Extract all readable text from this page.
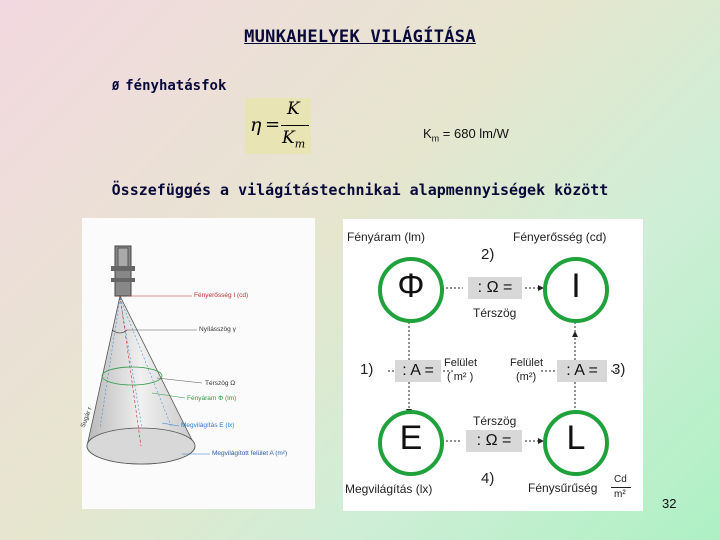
MUNKAHELYEK VILÁGÍTÁSA
Ø fényhatásfok
η =
K
$K_m$
$K_m = 680$ lm/W
Összefüggés a világítástechnikai alapmennyiségek között
Fényerősség I (cd)
Nyílásszög γ
Térszög Ω
Fényáram Φ (lm)
Megvilágítás E (lx)
Megvilágított felület A (m²)
Sugár r
Fényáram (lm)	Fényerősség (cd)
2)
Φ	I
: Ω =
Térszög
1)	: A = Felület
( m² )
Felület
(m²)	: A = 3)
Térszög
E	: Ω =	L
4)
Megvilágítás (lx)	Fénysűrűség
Cd
m²
32
